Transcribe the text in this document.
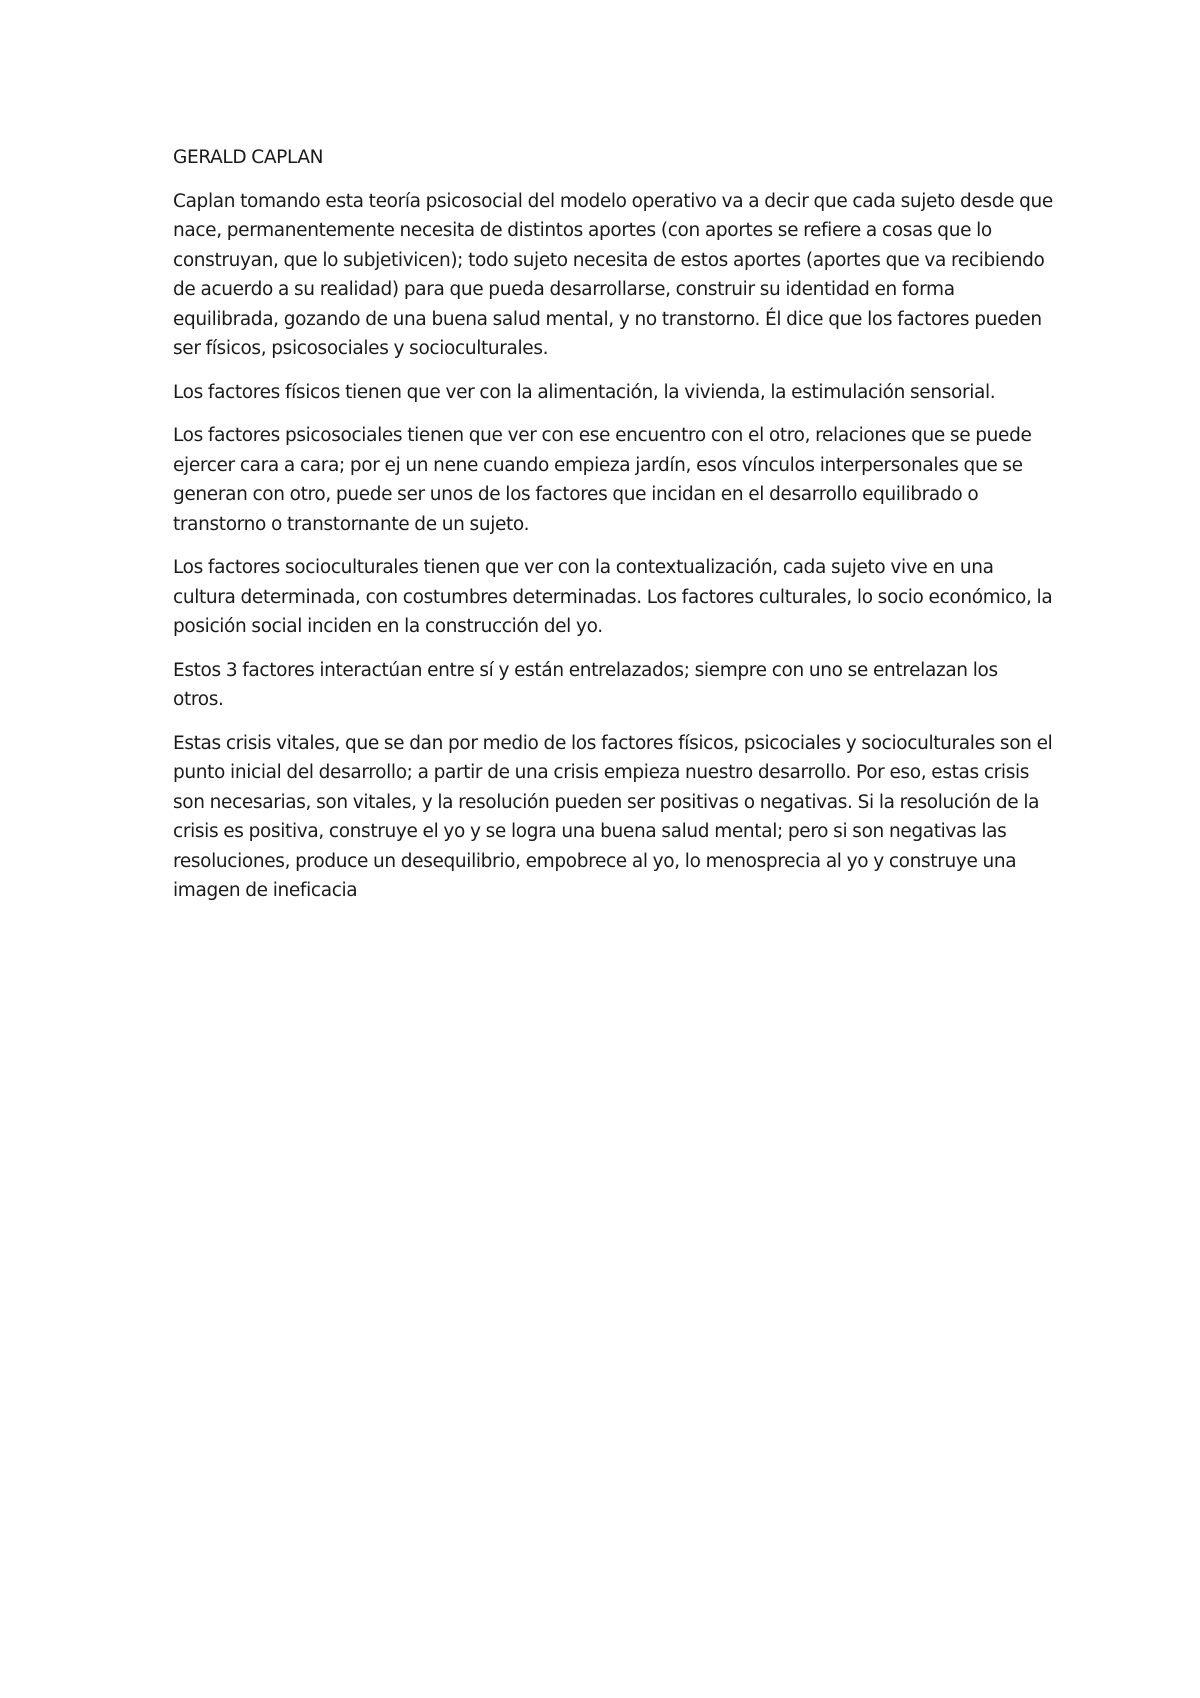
GERALD CAPLAN

Caplan tomando esta teoría psicosocial del modelo operativo va a decir que cada sujeto desde que nace, permanentemente necesita de distintos aportes (con aportes se refiere a cosas que lo construyan, que lo subjetivicen); todo sujeto necesita de estos aportes (aportes que va recibiendo de acuerdo a su realidad) para que pueda desarrollarse, construir su identidad en forma equilibrada, gozando de una buena salud mental, y no transtorno. Él dice que los factores pueden ser físicos, psicosociales y socioculturales.

Los factores físicos tienen que ver con la alimentación, la vivienda, la estimulación sensorial.

Los factores psicosociales tienen que ver con ese encuentro con el otro, relaciones que se puede ejercer cara a cara; por ej un nene cuando empieza jardín, esos vínculos interpersonales que se generan con otro, puede ser unos de los factores que incidan en el desarrollo equilibrado o transtorno o transtornante de un sujeto.

Los factores socioculturales tienen que ver con la contextualización, cada sujeto vive en una cultura determinada, con costumbres determinadas. Los factores culturales, lo socio económico, la posición social inciden en la construcción del yo.

Estos 3 factores interactúan entre sí y están entrelazados; siempre con uno se entrelazan los otros.

Estas crisis vitales, que se dan por medio de los factores físicos, psicociales y socioculturales son el punto inicial del desarrollo; a partir de una crisis empieza nuestro desarrollo. Por eso, estas crisis son necesarias, son vitales, y la resolución pueden ser positivas o negativas. Si la resolución de la crisis es positiva, construye el yo y se logra una buena salud mental; pero si son negativas las resoluciones, produce un desequilibrio, empobrece al yo, lo menosprecia al yo y construye una imagen de ineficacia
